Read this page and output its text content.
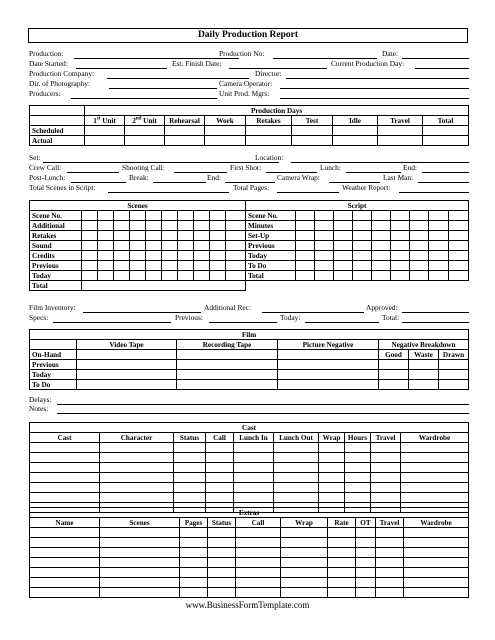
Daily Production Report
Production:	Production No:	Date:
Date Started:	Est. Finish Date:	Current Production Day:
Production Company:	Director:
Dir. of Photography:	Camera Operator:
Producers:	Unit Prod. Mgrs:
	Production Days								
	1st Unit	2nd Unit	Rehearsal	Work	Retakes	Test	Idle	Travel	Total
Scheduled									
Actual									
Set:	Location:
Crew Call:	Shooting Call:	First Shot:	Lunch:	End:
Post-Lunch:	Break:	End:	Camera Wrap:	Last Man:
Total Scenes in Script:	Total Pages:	Weather Report:
Scenes										
Scene No.										
Additional										
Retakes										
Sound										
Credits										
Previous										
Today										
Total										
Script									
Scene No.									
Minutes									
Set-Up									
Previous									
Today									
To Do									
Total									
Film Inventory:	Additional Rec:	Approved:
Specs:	Previous:	Today:	Total:
Film						
	Video Tape	Recording Tape	Picture Negative	Negative Breakdown		
On-Hand				Good	Waste	Drawn
Previous						
Today						
To Do						
Delays:
Notes:
Cast									
Cast	Character	Status	Call	Lunch In	Lunch Out	Wrap	Hours	Travel	Wardrobe

Extras									
Name	Scenes	Pages	Status	Call	Wrap	Rate	OT	Travel	Wardrobe

www.BusinessFormTemplate.com
